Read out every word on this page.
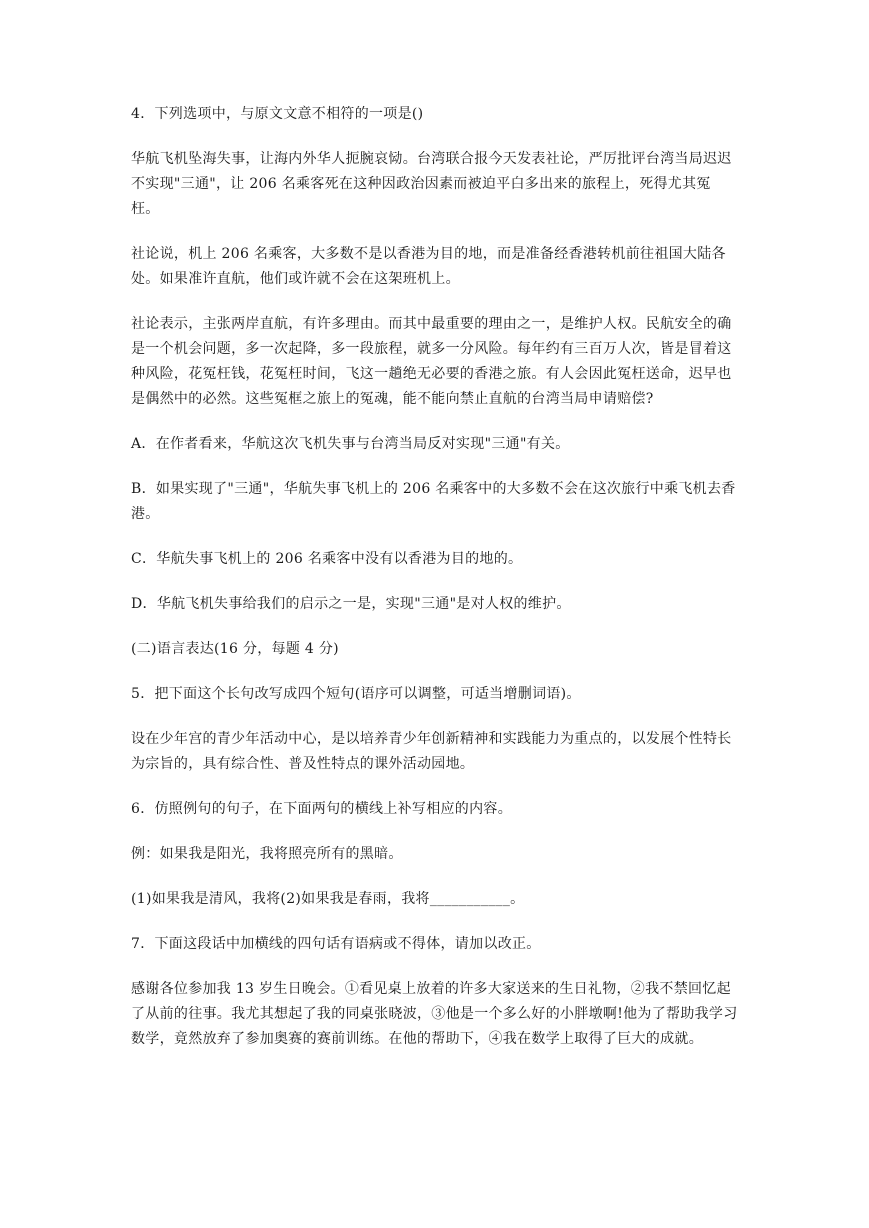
4．下列选项中，与原文文意不相符的一项是()

华航飞机坠海失事，让海内外华人扼腕哀恸。台湾联合报今天发表社论，严厉批评台湾当局迟迟不实现"三通"，让 206 名乘客死在这种因政治因素而被迫平白多出来的旅程上，死得尤其冤枉。

社论说，机上 206 名乘客，大多数不是以香港为目的地，而是准备经香港转机前往祖国大陆各处。如果准许直航，他们或许就不会在这架班机上。

社论表示，主张两岸直航，有许多理由。而其中最重要的理由之一，是维护人权。民航安全的确是一个机会问题，多一次起降，多一段旅程，就多一分风险。每年约有三百万人次，皆是冒着这种风险，花冤枉钱，花冤枉时间，飞这一趟绝无必要的香港之旅。有人会因此冤枉送命，迟早也是偶然中的必然。这些冤框之旅上的冤魂，能不能向禁止直航的台湾当局申请赔偿?

A．在作者看来，华航这次飞机失事与台湾当局反对实现"三通"有关。

B．如果实现了"三通"，华航失事飞机上的 206 名乘客中的大多数不会在这次旅行中乘飞机去香港。

C．华航失事飞机上的 206 名乘客中没有以香港为目的地的。

D．华航飞机失事给我们的启示之一是，实现"三通"是对人权的维护。

(二)语言表达(16 分，每题 4 分)

5．把下面这个长句改写成四个短句(语序可以调整，可适当增删词语)。

设在少年宫的青少年活动中心，是以培养青少年创新精神和实践能力为重点的，以发展个性特长为宗旨的，具有综合性、普及性特点的课外活动园地。

6．仿照例句的句子，在下面两句的横线上补写相应的内容。

例：如果我是阳光，我将照亮所有的黑暗。

(1)如果我是清风，我将(2)如果我是春雨，我将___________。

7．下面这段话中加横线的四句话有语病或不得体，请加以改正。

感谢各位参加我 13 岁生日晚会。①看见桌上放着的许多大家送来的生日礼物，②我不禁回忆起了从前的往事。我尤其想起了我的同桌张晓波，③他是一个多么好的小胖墩啊!他为了帮助我学习数学，竟然放弃了参加奥赛的赛前训练。在他的帮助下，④我在数学上取得了巨大的成就。
